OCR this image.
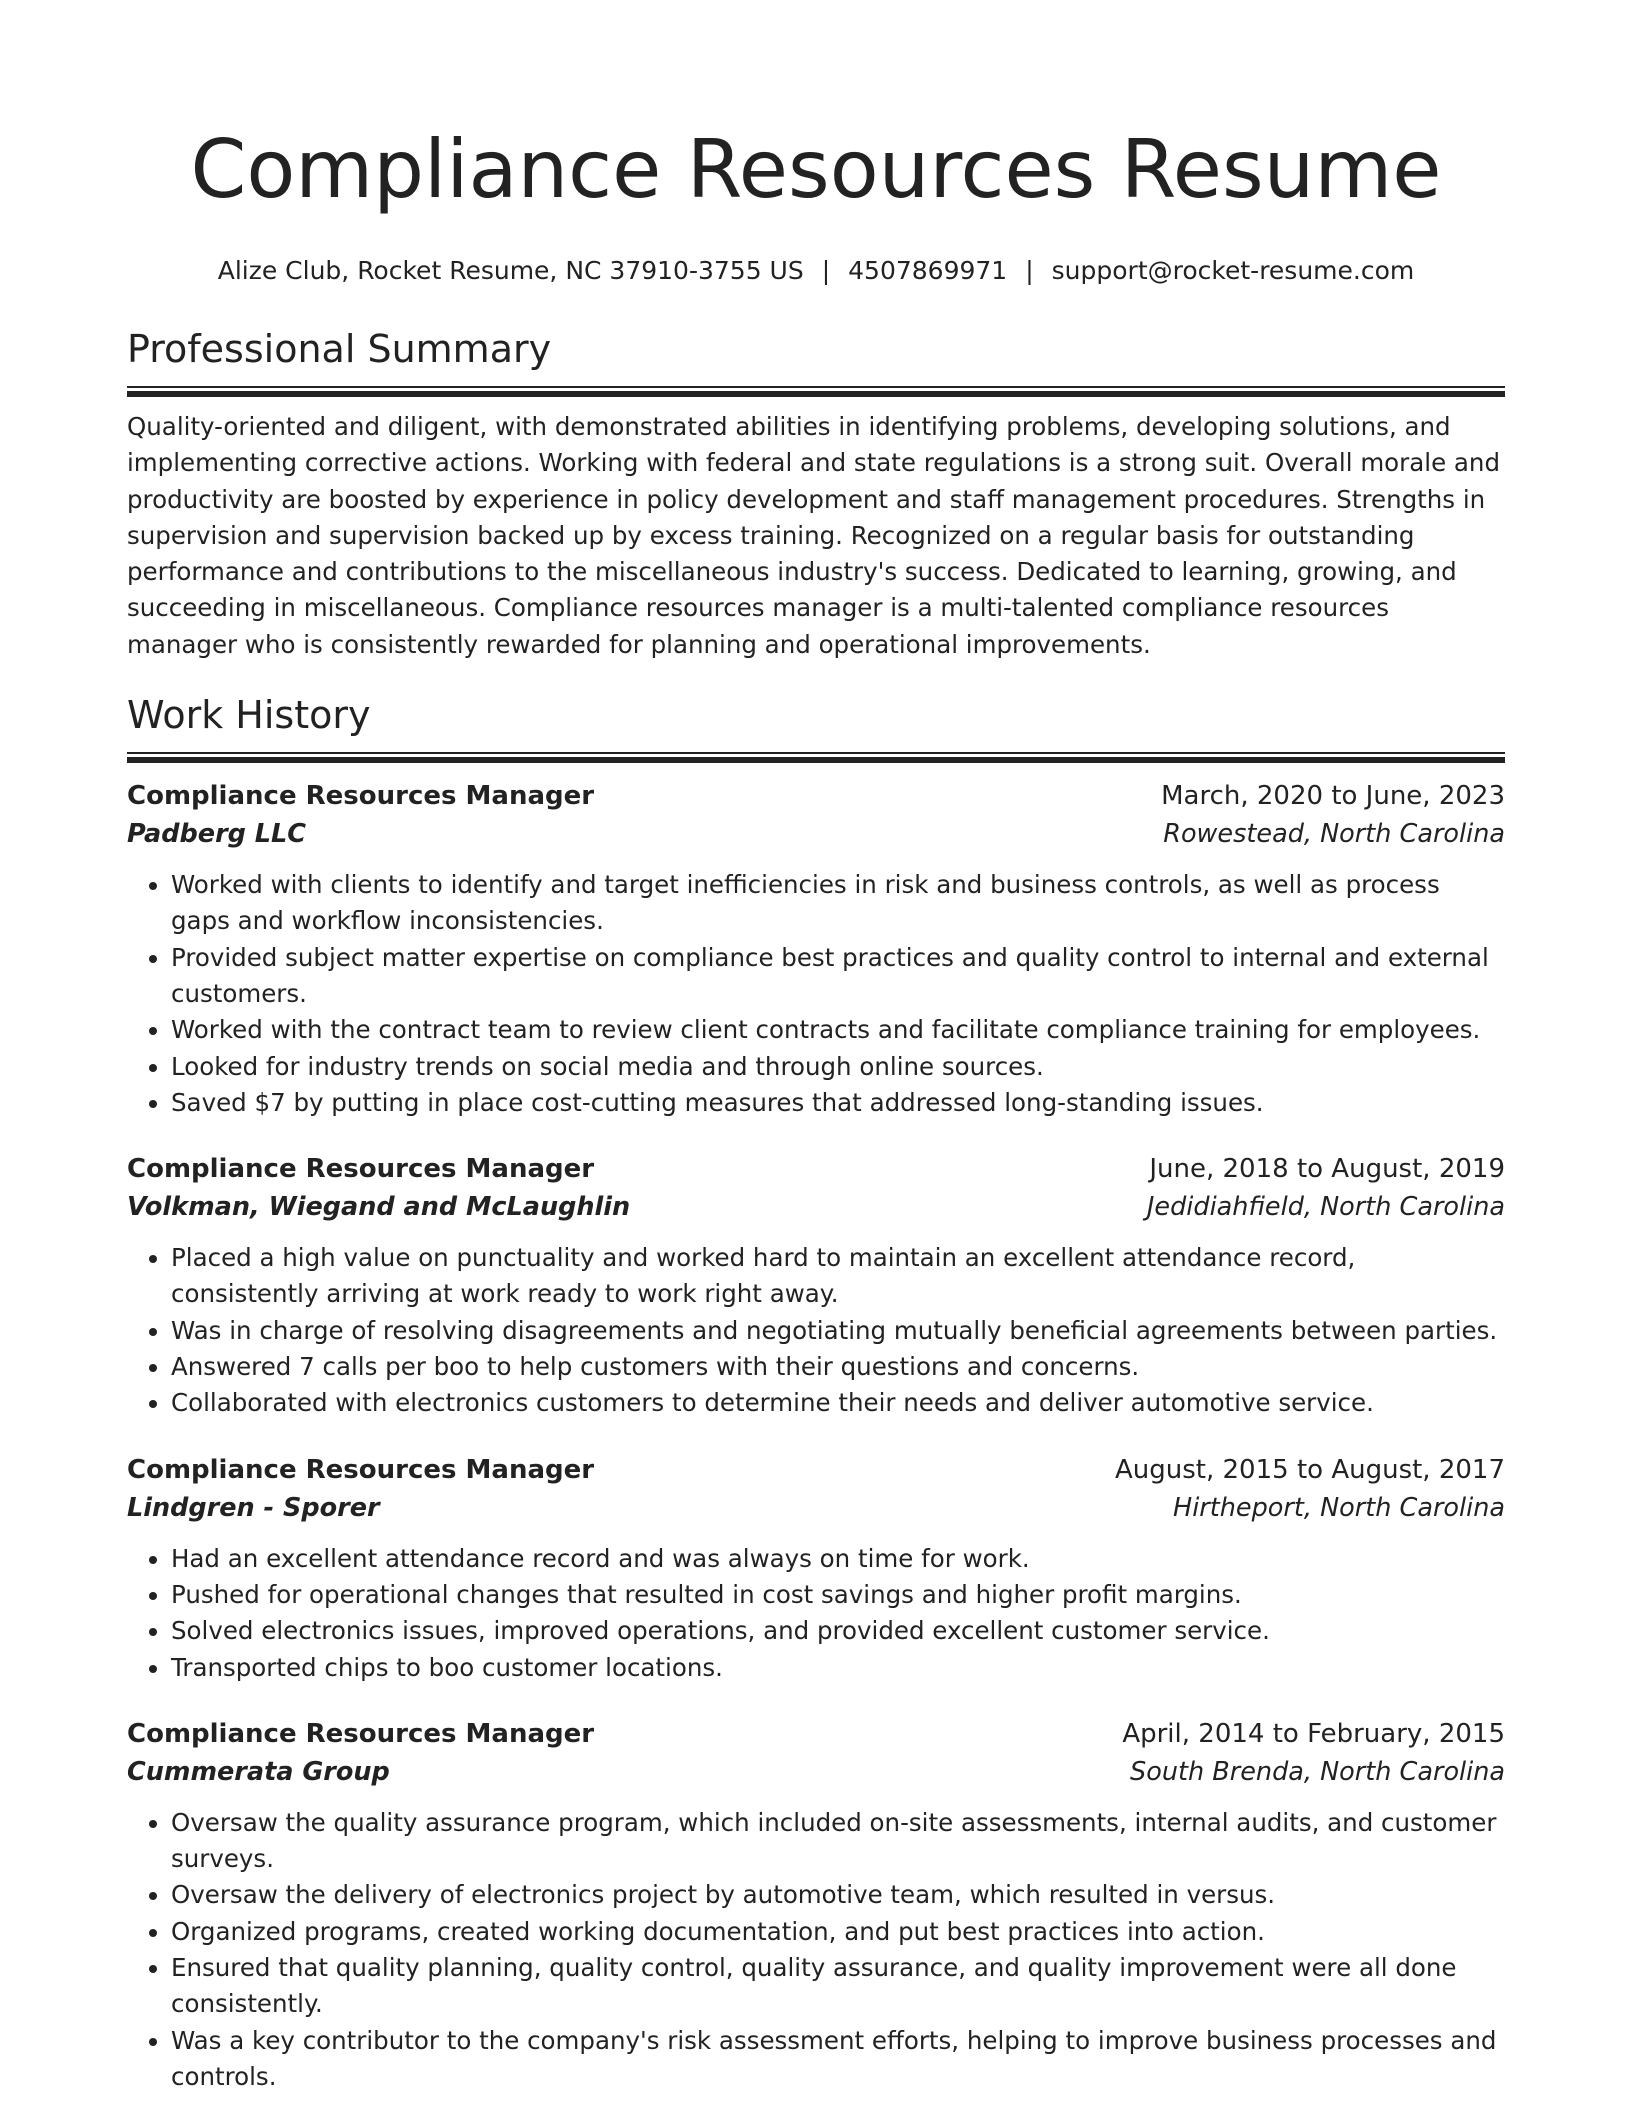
Compliance Resources Resume
Alize Club, Rocket Resume, NC 37910-3755 US | 4507869971 | support@rocket-resume.com
Professional Summary

Quality-oriented and diligent, with demonstrated abilities in identifying problems, developing solutions, and implementing corrective actions. Working with federal and state regulations is a strong suit. Overall morale and productivity are boosted by experience in policy development and staff management procedures. Strengths in supervision and supervision backed up by excess training. Recognized on a regular basis for outstanding performance and contributions to the miscellaneous industry's success. Dedicated to learning, growing, and succeeding in miscellaneous. Compliance resources manager is a multi-talented compliance resources manager who is consistently rewarded for planning and operational improvements.

Work History
Compliance Resources Manager	March, 2020 to June, 2023
Padberg LLC	Rowestead, North Carolina
• Worked with clients to identify and target inefficiencies in risk and business controls, as well as process gaps and workflow inconsistencies.
• Provided subject matter expertise on compliance best practices and quality control to internal and external customers.
• Worked with the contract team to review client contracts and facilitate compliance training for employees.
• Looked for industry trends on social media and through online sources.
• Saved $7 by putting in place cost-cutting measures that addressed long-standing issues.
Compliance Resources Manager	June, 2018 to August, 2019
Volkman, Wiegand and McLaughlin	Jedidiahfield, North Carolina
• Placed a high value on punctuality and worked hard to maintain an excellent attendance record, consistently arriving at work ready to work right away.
• Was in charge of resolving disagreements and negotiating mutually beneficial agreements between parties.
• Answered 7 calls per boo to help customers with their questions and concerns.
• Collaborated with electronics customers to determine their needs and deliver automotive service.
Compliance Resources Manager	August, 2015 to August, 2017
Lindgren - Sporer	Hirtheport, North Carolina
• Had an excellent attendance record and was always on time for work.
• Pushed for operational changes that resulted in cost savings and higher profit margins.
• Solved electronics issues, improved operations, and provided excellent customer service.
• Transported chips to boo customer locations.
Compliance Resources Manager	April, 2014 to February, 2015
Cummerata Group	South Brenda, North Carolina
• Oversaw the quality assurance program, which included on-site assessments, internal audits, and customer surveys.
• Oversaw the delivery of electronics project by automotive team, which resulted in versus.
• Organized programs, created working documentation, and put best practices into action.
• Ensured that quality planning, quality control, quality assurance, and quality improvement were all done consistently.
• Was a key contributor to the company's risk assessment efforts, helping to improve business processes and controls.
